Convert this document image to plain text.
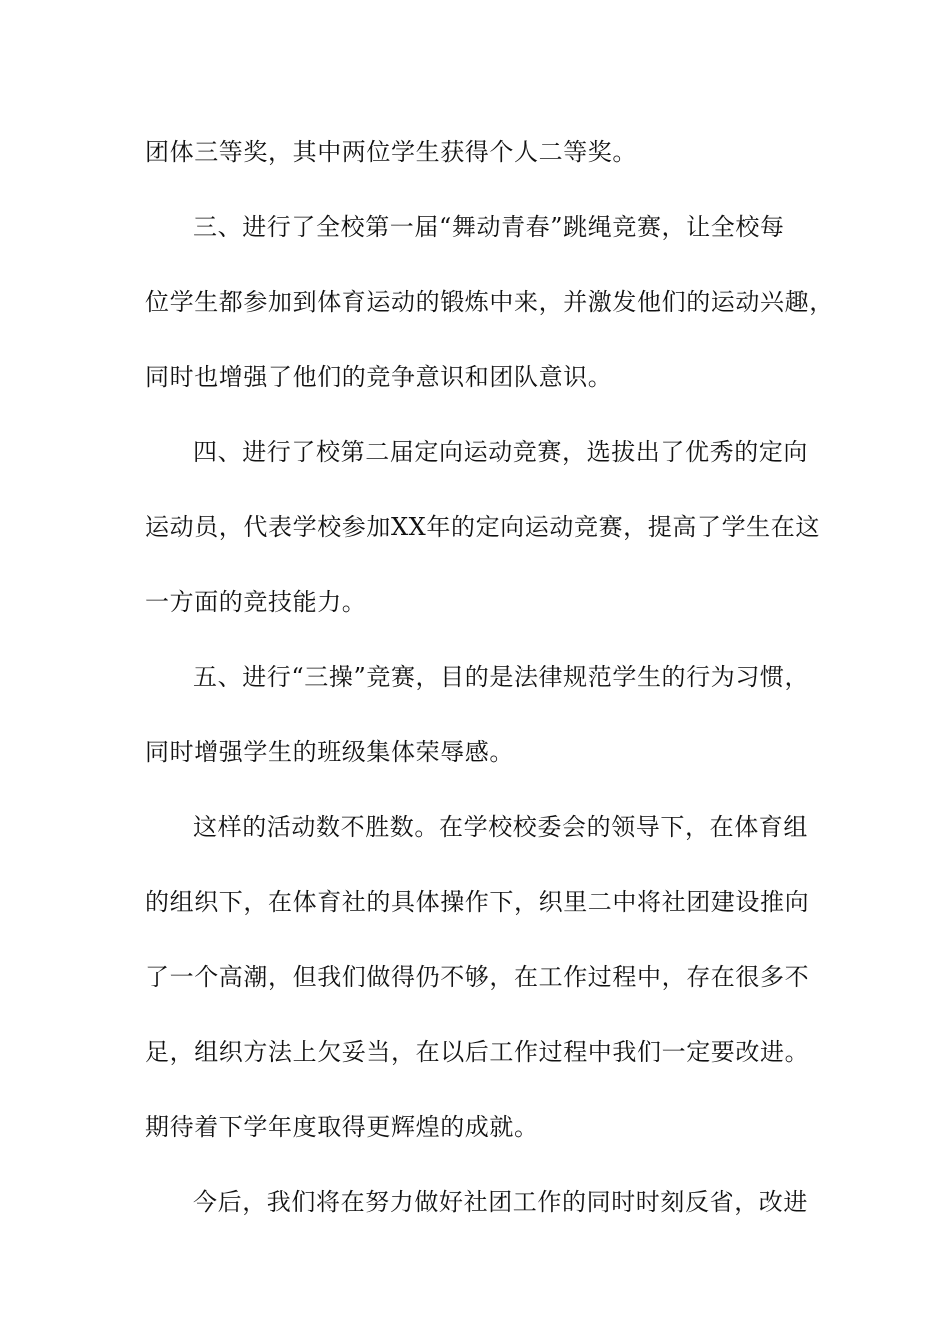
团体三等奖，其中两位学生获得个人二等奖。
三、进行了全校第一届“舞动青春”跳绳竞赛，让全校每
位学生都参加到体育运动的锻炼中来，并激发他们的运动兴趣，
同时也增强了他们的竞争意识和团队意识。
四、进行了校第二届定向运动竞赛，选拔出了优秀的定向
运动员，代表学校参加XX年的定向运动竞赛，提高了学生在这
一方面的竞技能力。
五、进行“三操”竞赛，目的是法律规范学生的行为习惯，
同时增强学生的班级集体荣辱感。
这样的活动数不胜数。在学校校委会的领导下，在体育组
的组织下，在体育社的具体操作下，织里二中将社团建设推向
了一个高潮，但我们做得仍不够，在工作过程中，存在很多不
足，组织方法上欠妥当，在以后工作过程中我们一定要改进。
期待着下学年度取得更辉煌的成就。
今后，我们将在努力做好社团工作的同时时刻反省，改进
